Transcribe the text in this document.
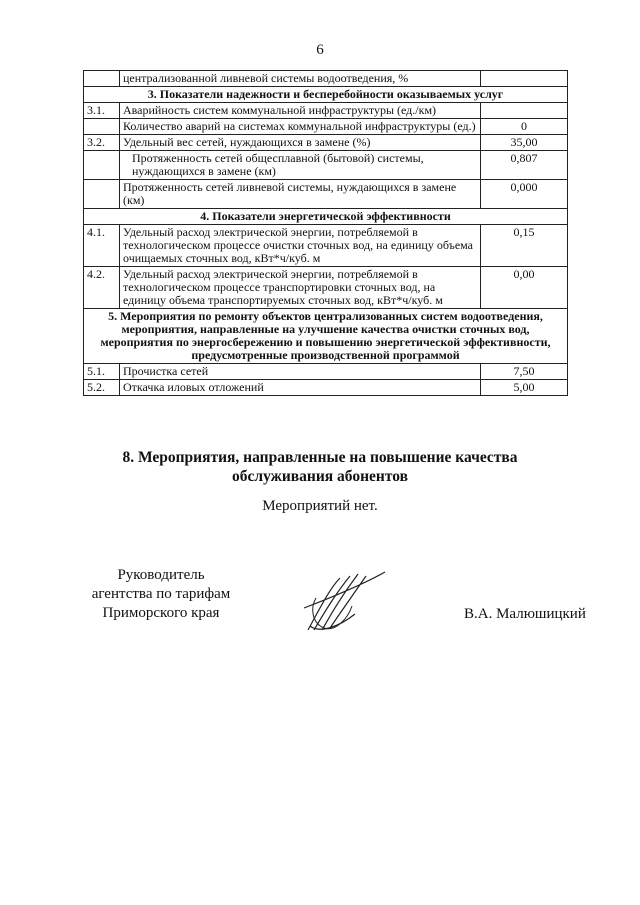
6
	централизованной ливневой системы водоотведения, %	
3. Показатели надежности и бесперебойности оказываемых услуг		
3.1.	Аварийность систем коммунальной инфраструктуры (ед./км)	
	Количество аварий на системах коммунальной инфраструктуры (ед.)	0
3.2.	Удельный вес сетей, нуждающихся в замене (%)	35,00
	Протяженность сетей общесплавной (бытовой) системы, нуждающихся в замене (км)	0,807
	Протяженность сетей ливневой системы, нуждающихся в замене (км)	0,000
4. Показатели энергетической эффективности		
4.1.	Удельный расход электрической энергии, потребляемой в технологическом процессе очистки сточных вод, на единицу объема очищаемых сточных вод, кВт*ч/куб. м	0,15
4.2.	Удельный расход электрической энергии, потребляемой в технологическом процессе транспортировки сточных вод, на единицу объема транспортируемых сточных вод, кВт*ч/куб. м	0,00
5. Мероприятия по ремонту объектов централизованных систем водоотведения, мероприятия, направленные на улучшение качества очистки сточных вод, мероприятия по энергосбережению и повышению энергетической эффективности, предусмотренные производственной программой		
5.1.	Прочистка сетей	7,50
5.2.	Откачка иловых отложений	5,00
8. Мероприятия, направленные на повышение качества обслуживания абонентов
Мероприятий нет.
Руководитель
агентства по тарифам
Приморского края	В.А. Малюшицкий
